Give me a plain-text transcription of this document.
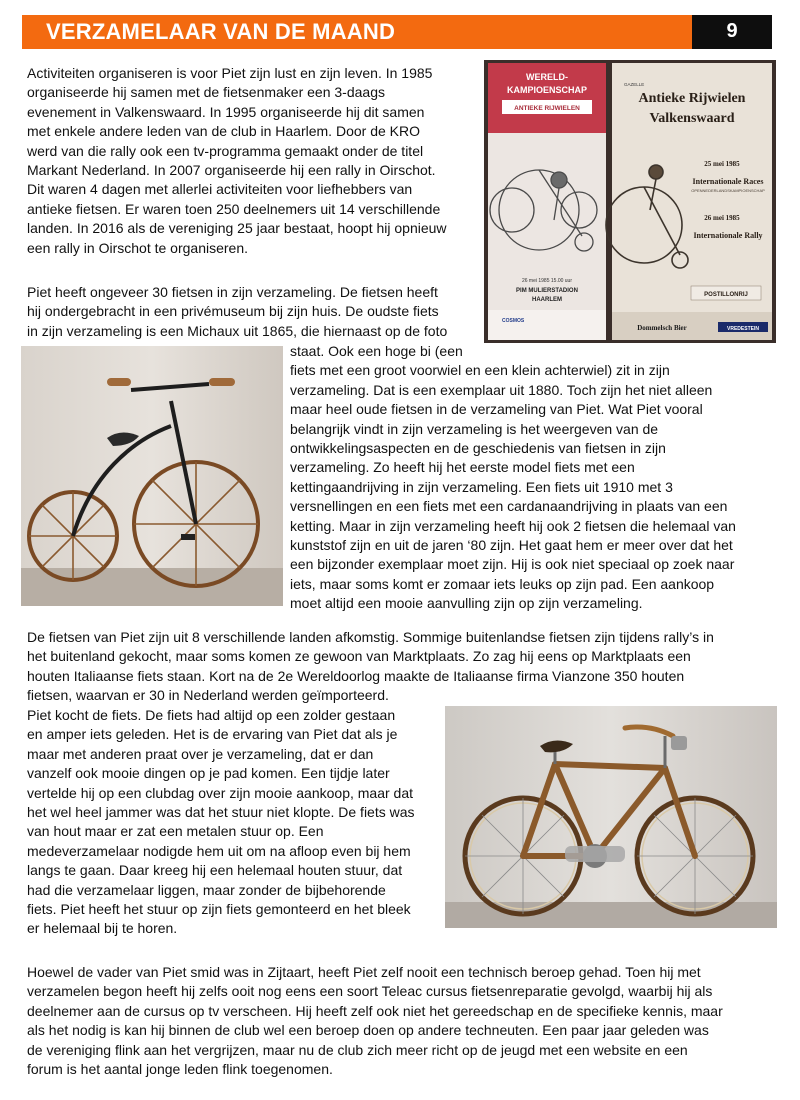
VERZAMELAAR VAN DE MAAND	9
Activiteiten organiseren is voor Piet zijn lust en zijn leven. In 1985
organiseerde hij samen met de fietsenmaker een 3-daags
evenement in Valkenswaard. In 1995 organiseerde hij dit samen
met enkele andere leden van de club in Haarlem. Door de KRO
werd van die rally ook een tv-programma gemaakt onder de titel
Markant Nederland. In 2007 organiseerde hij een rally in Oirschot.
Dit waren 4 dagen met allerlei activiteiten voor liefhebbers van
antieke fietsen. Er waren toen 250 deelnemers uit 14 verschillende
landen. In 2016 als de vereniging 25 jaar bestaat, hoopt hij opnieuw
een rally in Oirschot te organiseren.
Piet heeft ongeveer 30 fietsen in zijn verzameling. De fietsen heeft
hij ondergebracht in een privémuseum bij zijn huis. De oudste fiets
in zijn verzameling is een Michaux uit 1865, die hiernaast op de foto
staat. Ook een hoge bi (een
fiets met een groot voorwiel en een klein achterwiel) zit in zijn
verzameling. Dat is een exemplaar uit 1880. Toch zijn het niet alleen
maar heel oude fietsen in de verzameling van Piet. Wat Piet vooral
belangrijk vindt in zijn verzameling is het weergeven van de
ontwikkelingsaspecten en de geschiedenis van fietsen in zijn
verzameling. Zo heeft hij het eerste model fiets met een
kettingaandrijving in zijn verzameling. Een fiets uit 1910 met 3
versnellingen en een fiets met een cardanaandrijving in plaats van een
ketting. Maar in zijn verzameling heeft hij ook 2 fietsen die helemaal van
kunststof zijn en uit de jaren ‘80 zijn. Het gaat hem er meer over dat het
een bijzonder exemplaar moet zijn. Hij is ook niet speciaal op zoek naar
iets, maar soms komt er zomaar iets leuks op zijn pad. Een aankoop
moet altijd een mooie aanvulling zijn op zijn verzameling.
De fietsen van Piet zijn uit 8 verschillende landen afkomstig. Sommige buitenlandse fietsen zijn tijdens rally’s in
het buitenland gekocht, maar soms komen ze gewoon van Marktplaats. Zo zag hij eens op Marktplaats een
houten Italiaanse fiets staan. Kort na de 2e Wereldoorlog maakte de Italiaanse firma Vianzone 350 houten
fietsen, waarvan er 30 in Nederland werden geïmporteerd.
Piet kocht de fiets. De fiets had altijd op een zolder gestaan
en amper iets geleden. Het is de ervaring van Piet dat als je
maar met anderen praat over je verzameling, dat er dan
vanzelf ook mooie dingen op je pad komen. Een tijdje later
vertelde hij op een clubdag over zijn mooie aankoop, maar dat
het wel heel jammer was dat het stuur niet klopte. De fiets was
van hout maar er zat een metalen stuur op. Een
medeverzamelaar nodigde hem uit om na afloop even bij hem
langs te gaan. Daar kreeg hij een helemaal houten stuur, dat
had die verzamelaar liggen, maar zonder de bijbehorende
fiets. Piet heeft het stuur op zijn fiets gemonteerd en het bleek
er helemaal bij te horen.
Hoewel de vader van Piet smid was in Zijtaart, heeft Piet zelf nooit een technisch beroep gehad. Toen hij met
verzamelen begon heeft hij zelfs ooit nog eens een soort Teleac cursus fietsenreparatie gevolgd, waarbij hij als
deelnemer aan de cursus op tv verscheen. Hij heeft zelf ook niet het gereedschap en de specifieke kennis, maar
als het nodig is kan hij binnen de club wel een beroep doen op andere techneuten. Een paar jaar geleden was
de vereniging flink aan het vergrijzen, maar nu de club zich meer richt op de jeugd met een website en een
forum is het aantal jonge leden flink toegenomen.
WERELD-
KAMPIOENSCHAP
ANTIEKE RIJWIELEN
26 mei 1985 15.00 uur
PIM MULIERSTADION
HAARLEM
COSMOS
GAZELLE
Antieke Rijwielen
Valkenswaard
25 mei 1985
Internationale Races
OPENNEDERLANDSKAMPIOENSCHAP
26 mei 1985
Internationale Rally
POSTILLONRIJ
Dommelsch Bier	VREDESTEIN
